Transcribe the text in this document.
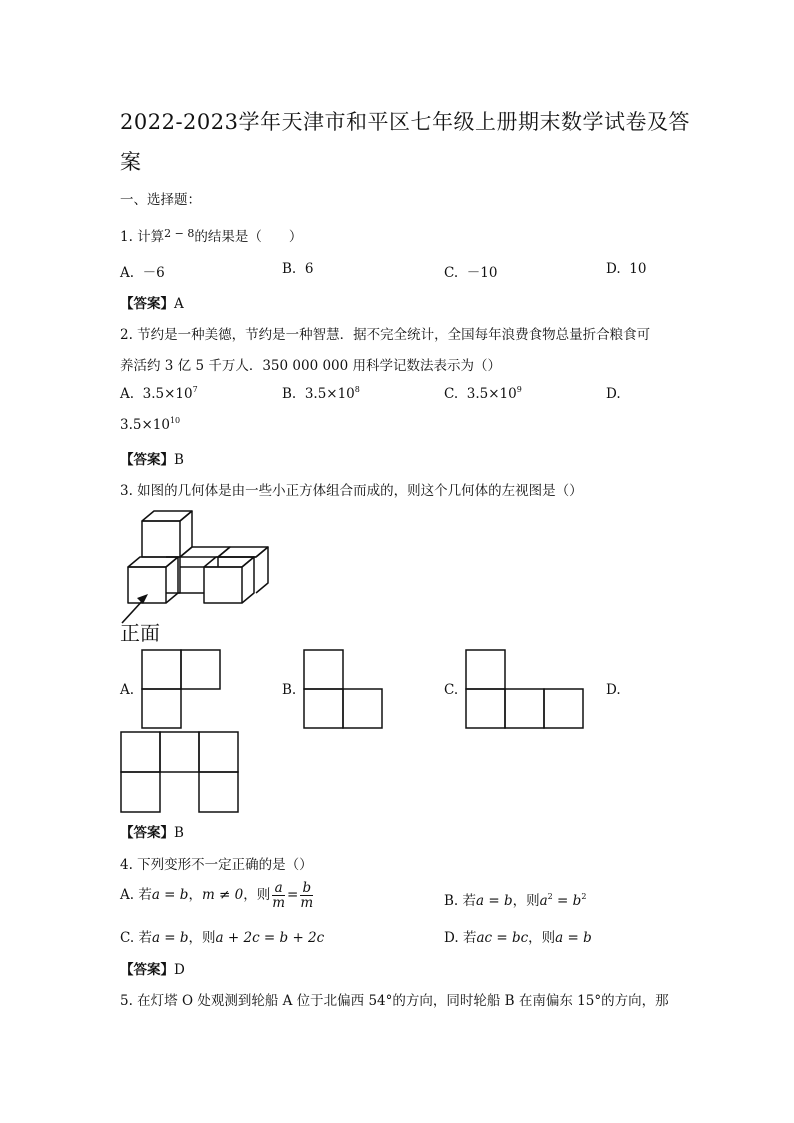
2022-2023学年天津市和平区七年级上册期末数学试卷及答
案
一、选择题：
1. 计算$^{2 - 8}$的结果是（　　）
A. －6	B. 6	C. －10	D. 10
【答案】A
2. 节约是一种美德，节约是一种智慧．据不完全统计，全国每年浪费食物总量折合粮食可
养活约 3 亿 5 千万人．350 000 000 用科学记数法表示为（）
A. $3.5\times 10^7$	B. $3.5\times 10^8$	C. $3.5\times 10^9$	D.
$3.5\times 10^{10}$
【答案】B
3. 如图的几何体是由一些小正方体组合而成的，则这个几何体的左视图是（）
正面
A.	B.	C.	D.
【答案】B
4. 下列变形不一定正确的是（）
A. 若a = b，m ≠ 0，则 $\frac{a}{m} = \frac{b}{m}$	B. 若a = b，则$a^2 = b^2$
C. 若a = b，则a + 2c = b + 2c	D. 若ac = bc，则a = b
【答案】D
5. 在灯塔 O 处观测到轮船 A 位于北偏西 54°的方向，同时轮船 B 在南偏东 15°的方向，那
